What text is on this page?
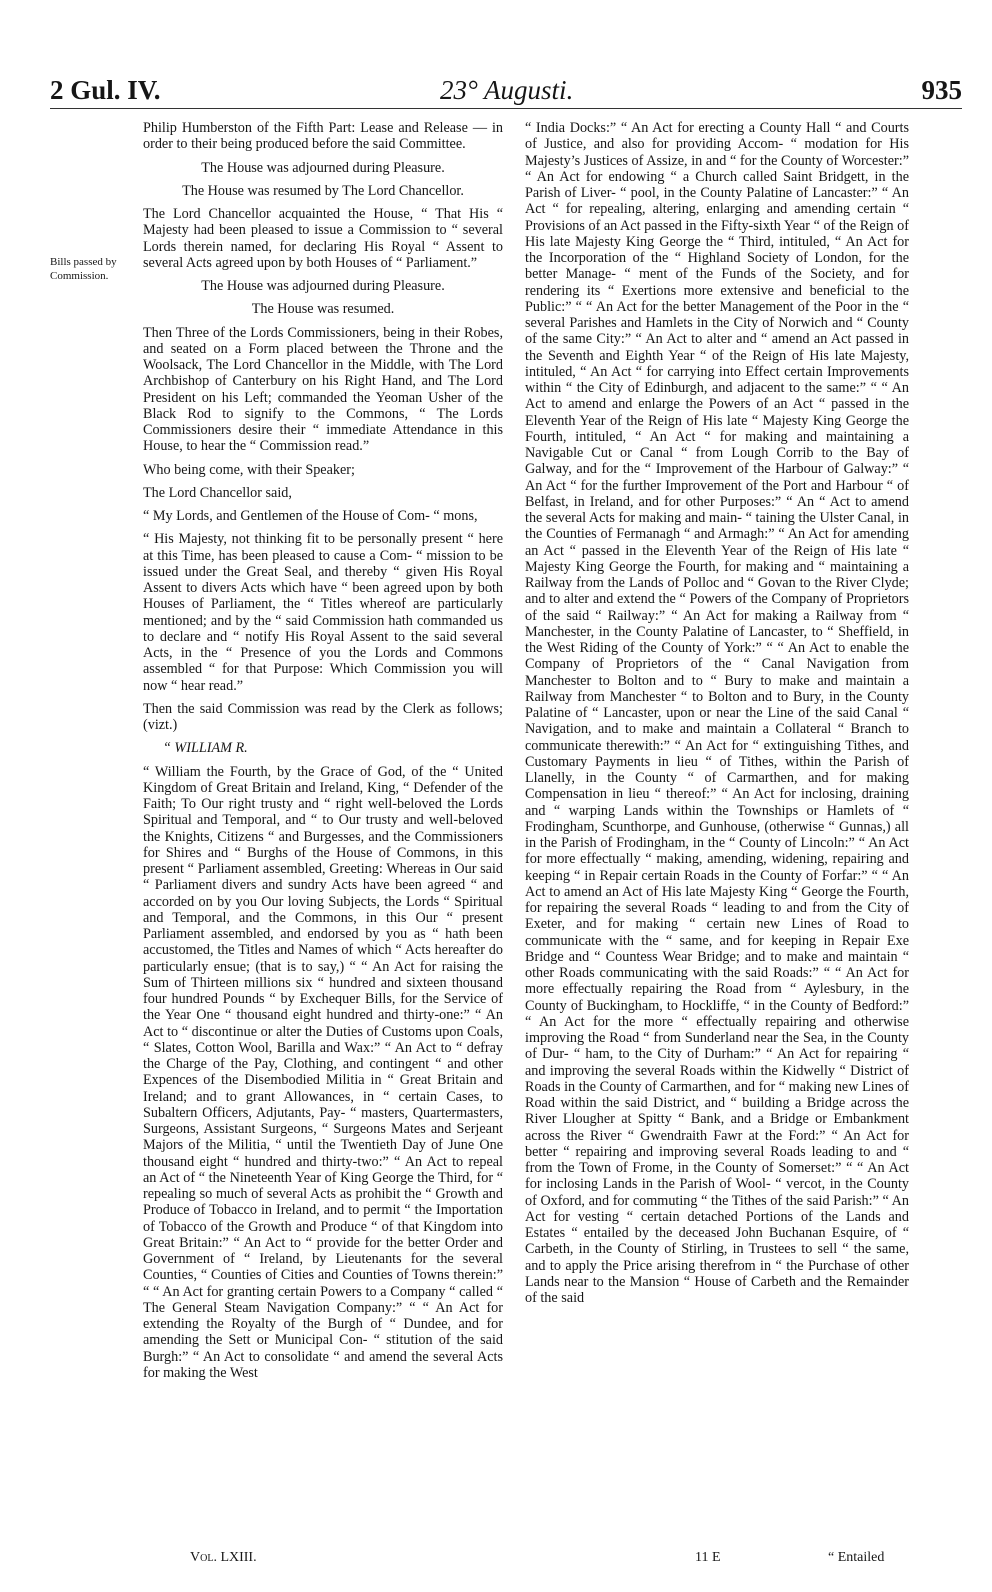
2 Gul. IV.	23° Augusti.	935
Bills passed by Commission.

Philip Humberston of the Fifth Part: Lease and Release — in order to their being produced before the said Committee.

The House was adjourned during Pleasure.

The House was resumed by The Lord Chancellor.

The Lord Chancellor acquainted the House, “ That His “ Majesty had been pleased to issue a Commission to “ several Lords therein named, for declaring His Royal “ Assent to several Acts agreed upon by both Houses of “ Parliament.”

The House was adjourned during Pleasure.

The House was resumed.

Then Three of the Lords Commissioners, being in their Robes, and seated on a Form placed between the Throne and the Woolsack, The Lord Chancellor in the Middle, with The Lord Archbishop of Canterbury on his Right Hand, and The Lord President on his Left; commanded the Yeoman Usher of the Black Rod to signify to the Commons, “ The Lords Commissioners desire their “ immediate Attendance in this House, to hear the “ Commission read.”

Who being come, with their Speaker;

The Lord Chancellor said,

“ My Lords, and Gentlemen of the House of Com- “ mons,

“ His Majesty, not thinking fit to be personally present “ here at this Time, has been pleased to cause a Com- “ mission to be issued under the Great Seal, and thereby “ given His Royal Assent to divers Acts which have “ been agreed upon by both Houses of Parliament, the “ Titles whereof are particularly mentioned; and by the “ said Commission hath commanded us to declare and “ notify His Royal Assent to the said several Acts, in the “ Presence of you the Lords and Commons assembled “ for that Purpose: Which Commission you will now “ hear read.”

Then the said Commission was read by the Clerk as follows; (vizt.)

“ WILLIAM R.

“ William the Fourth, by the Grace of God, of the “ United Kingdom of Great Britain and Ireland, King, “ Defender of the Faith; To Our right trusty and “ right well-beloved the Lords Spiritual and Temporal, and “ to Our trusty and well-beloved the Knights, Citizens “ and Burgesses, and the Commissioners for Shires and “ Burghs of the House of Commons, in this present “ Parliament assembled, Greeting: Whereas in Our said “ Parliament divers and sundry Acts have been agreed “ and accorded on by you Our loving Subjects, the Lords “ Spiritual and Temporal, and the Commons, in this Our “ present Parliament assembled, and endorsed by you as “ hath been accustomed, the Titles and Names of which “ Acts hereafter do particularly ensue; (that is to say,) “ “ An Act for raising the Sum of Thirteen millions six “ hundred and sixteen thousand four hundred Pounds “ by Exchequer Bills, for the Service of the Year One “ thousand eight hundred and thirty-one:” “ An Act to “ discontinue or alter the Duties of Customs upon Coals, “ Slates, Cotton Wool, Barilla and Wax:” “ An Act to “ defray the Charge of the Pay, Clothing, and contingent “ and other Expences of the Disembodied Militia in “ Great Britain and Ireland; and to grant Allowances, in “ certain Cases, to Subaltern Officers, Adjutants, Pay- “ masters, Quartermasters, Surgeons, Assistant Surgeons, “ Surgeons Mates and Serjeant Majors of the Militia, “ until the Twentieth Day of June One thousand eight “ hundred and thirty-two:” “ An Act to repeal an Act of “ the Nineteenth Year of King George the Third, for “ repealing so much of several Acts as prohibit the “ Growth and Produce of Tobacco in Ireland, and to permit “ the Importation of Tobacco of the Growth and Produce “ of that Kingdom into Great Britain:” “ An Act to “ provide for the better Order and Government of “ Ireland, by Lieutenants for the several Counties, “ Counties of Cities and Counties of Towns therein:” “ “ An Act for granting certain Powers to a Company “ called “ The General Steam Navigation Company:” “ “ An Act for extending the Royalty of the Burgh of “ Dundee, and for amending the Sett or Municipal Con- “ stitution of the said Burgh:” “ An Act to consolidate “ and amend the several Acts for making the West

“ India Docks:” “ An Act for erecting a County Hall “ and Courts of Justice, and also for providing Accom- “ modation for His Majesty’s Justices of Assize, in and “ for the County of Worcester:” “ An Act for endowing “ a Church called Saint Bridgett, in the Parish of Liver- “ pool, in the County Palatine of Lancaster:” “ An Act “ for repealing, altering, enlarging and amending certain “ Provisions of an Act passed in the Fifty-sixth Year “ of the Reign of His late Majesty King George the “ Third, intituled, “ An Act for the Incorporation of the “ Highland Society of London, for the better Manage- “ ment of the Funds of the Society, and for rendering its “ Exertions more extensive and beneficial to the Public:” “ “ An Act for the better Management of the Poor in the “ several Parishes and Hamlets in the City of Norwich and “ County of the same City:” “ An Act to alter and “ amend an Act passed in the Seventh and Eighth Year “ of the Reign of His late Majesty, intituled, “ An Act “ for carrying into Effect certain Improvements within “ the City of Edinburgh, and adjacent to the same:” “ “ An Act to amend and enlarge the Powers of an Act “ passed in the Eleventh Year of the Reign of His late “ Majesty King George the Fourth, intituled, “ An Act “ for making and maintaining a Navigable Cut or Canal “ from Lough Corrib to the Bay of Galway, and for the “ Improvement of the Harbour of Galway:” “ An Act “ for the further Improvement of the Port and Harbour “ of Belfast, in Ireland, and for other Purposes:” “ An “ Act to amend the several Acts for making and main- “ taining the Ulster Canal, in the Counties of Fermanagh “ and Armagh:” “ An Act for amending an Act “ passed in the Eleventh Year of the Reign of His late “ Majesty King George the Fourth, for making and “ maintaining a Railway from the Lands of Polloc and “ Govan to the River Clyde; and to alter and extend the “ Powers of the Company of Proprietors of the said “ Railway:” “ An Act for making a Railway from “ Manchester, in the County Palatine of Lancaster, to “ Sheffield, in the West Riding of the County of York:” “ “ An Act to enable the Company of Proprietors of the “ Canal Navigation from Manchester to Bolton and to “ Bury to make and maintain a Railway from Manchester “ to Bolton and to Bury, in the County Palatine of “ Lancaster, upon or near the Line of the said Canal “ Navigation, and to make and maintain a Collateral “ Branch to communicate therewith:” “ An Act for “ extinguishing Tithes, and Customary Payments in lieu “ of Tithes, within the Parish of Llanelly, in the County “ of Carmarthen, and for making Compensation in lieu “ thereof:” “ An Act for inclosing, draining and “ warping Lands within the Townships or Hamlets of “ Frodingham, Scunthorpe, and Gunhouse, (otherwise “ Gunnas,) all in the Parish of Frodingham, in the “ County of Lincoln:” “ An Act for more effectually “ making, amending, widening, repairing and keeping “ in Repair certain Roads in the County of Forfar:” “ “ An Act to amend an Act of His late Majesty King “ George the Fourth, for repairing the several Roads “ leading to and from the City of Exeter, and for making “ certain new Lines of Road to communicate with the “ same, and for keeping in Repair Exe Bridge and “ Countess Wear Bridge; and to make and maintain “ other Roads communicating with the said Roads:” “ “ An Act for more effectually repairing the Road from “ Aylesbury, in the County of Buckingham, to Hockliffe, “ in the County of Bedford:” “ An Act for the more “ effectually repairing and otherwise improving the Road “ from Sunderland near the Sea, in the County of Dur- “ ham, to the City of Durham:” “ An Act for repairing “ and improving the several Roads within the Kidwelly “ District of Roads in the County of Carmarthen, and for “ making new Lines of Road within the said District, and “ building a Bridge across the River Llougher at Spitty “ Bank, and a Bridge or Embankment across the River “ Gwendraith Fawr at the Ford:” “ An Act for better “ repairing and improving several Roads leading to and “ from the Town of Frome, in the County of Somerset:” “ “ An Act for inclosing Lands in the Parish of Wool- “ vercot, in the County of Oxford, and for commuting “ the Tithes of the said Parish:” “ An Act for vesting “ certain detached Portions of the Lands and Estates “ entailed by the deceased John Buchanan Esquire, of “ Carbeth, in the County of Stirling, in Trustees to sell “ the same, and to apply the Price arising therefrom in “ the Purchase of other Lands near to the Mansion “ House of Carbeth and the Remainder of the said

Vol. LXIII.	11 E	“ Entailed
